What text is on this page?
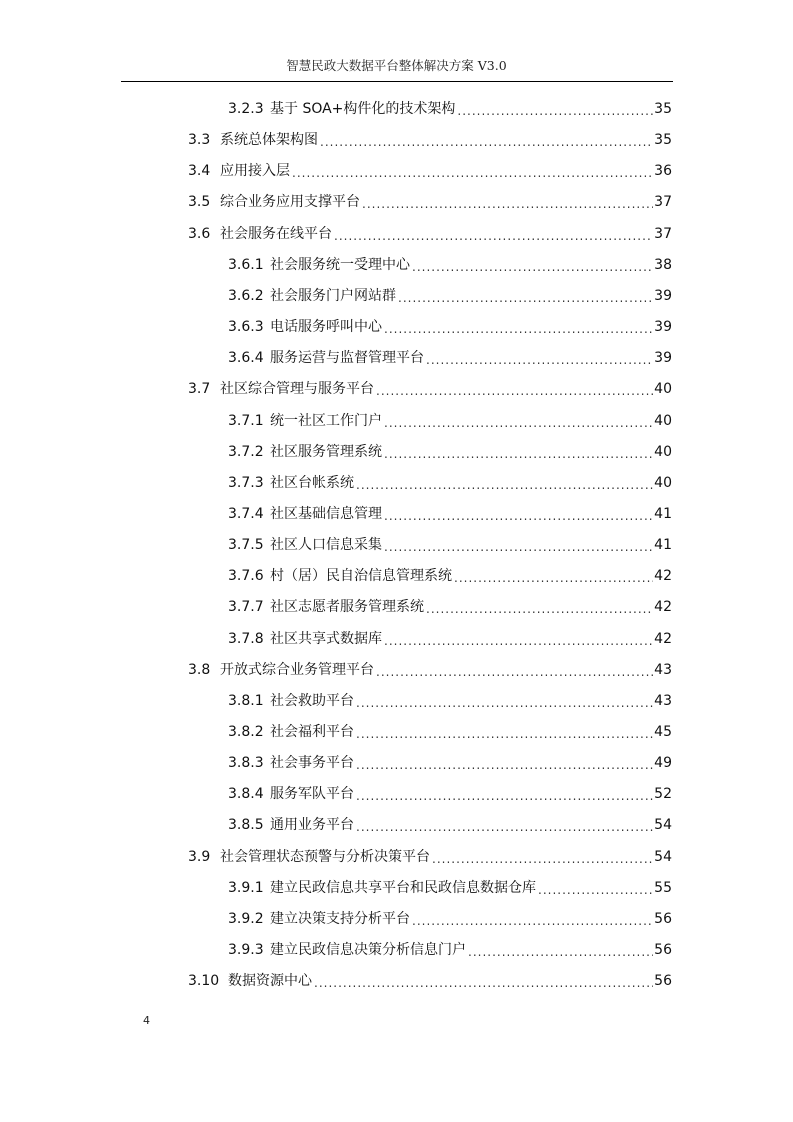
智慧民政大数据平台整体解决方案 V3.0
3.2.3 基于 SOA+构件化的技术架构 .....	35
3.3 系统总体架构图 .....	35
3.4 应用接入层 .....	36
3.5 综合业务应用支撑平台 .....	37
3.6 社会服务在线平台 .....	37
3.6.1 社会服务统一受理中心 .....	38
3.6.2 社会服务门户网站群 .....	39
3.6.3 电话服务呼叫中心 .....	39
3.6.4 服务运营与监督管理平台 .....	39
3.7 社区综合管理与服务平台 .....	40
3.7.1 统一社区工作门户 .....	40
3.7.2 社区服务管理系统 .....	40
3.7.3 社区台帐系统 .....	40
3.7.4 社区基础信息管理 .....	41
3.7.5 社区人口信息采集 .....	41
3.7.6 村（居）民自治信息管理系统 .....	42
3.7.7 社区志愿者服务管理系统 .....	42
3.7.8 社区共享式数据库 .....	42
3.8 开放式综合业务管理平台 .....	43
3.8.1 社会救助平台 .....	43
3.8.2 社会福利平台 .....	45
3.8.3 社会事务平台 .....	49
3.8.4 服务军队平台 .....	52
3.8.5 通用业务平台 .....	54
3.9 社会管理状态预警与分析决策平台 .....	54
3.9.1 建立民政信息共享平台和民政信息数据仓库 .....	55
3.9.2 建立决策支持分析平台 .....	56
3.9.3 建立民政信息决策分析信息门户 .....	56
3.10 数据资源中心 .....	56
4
